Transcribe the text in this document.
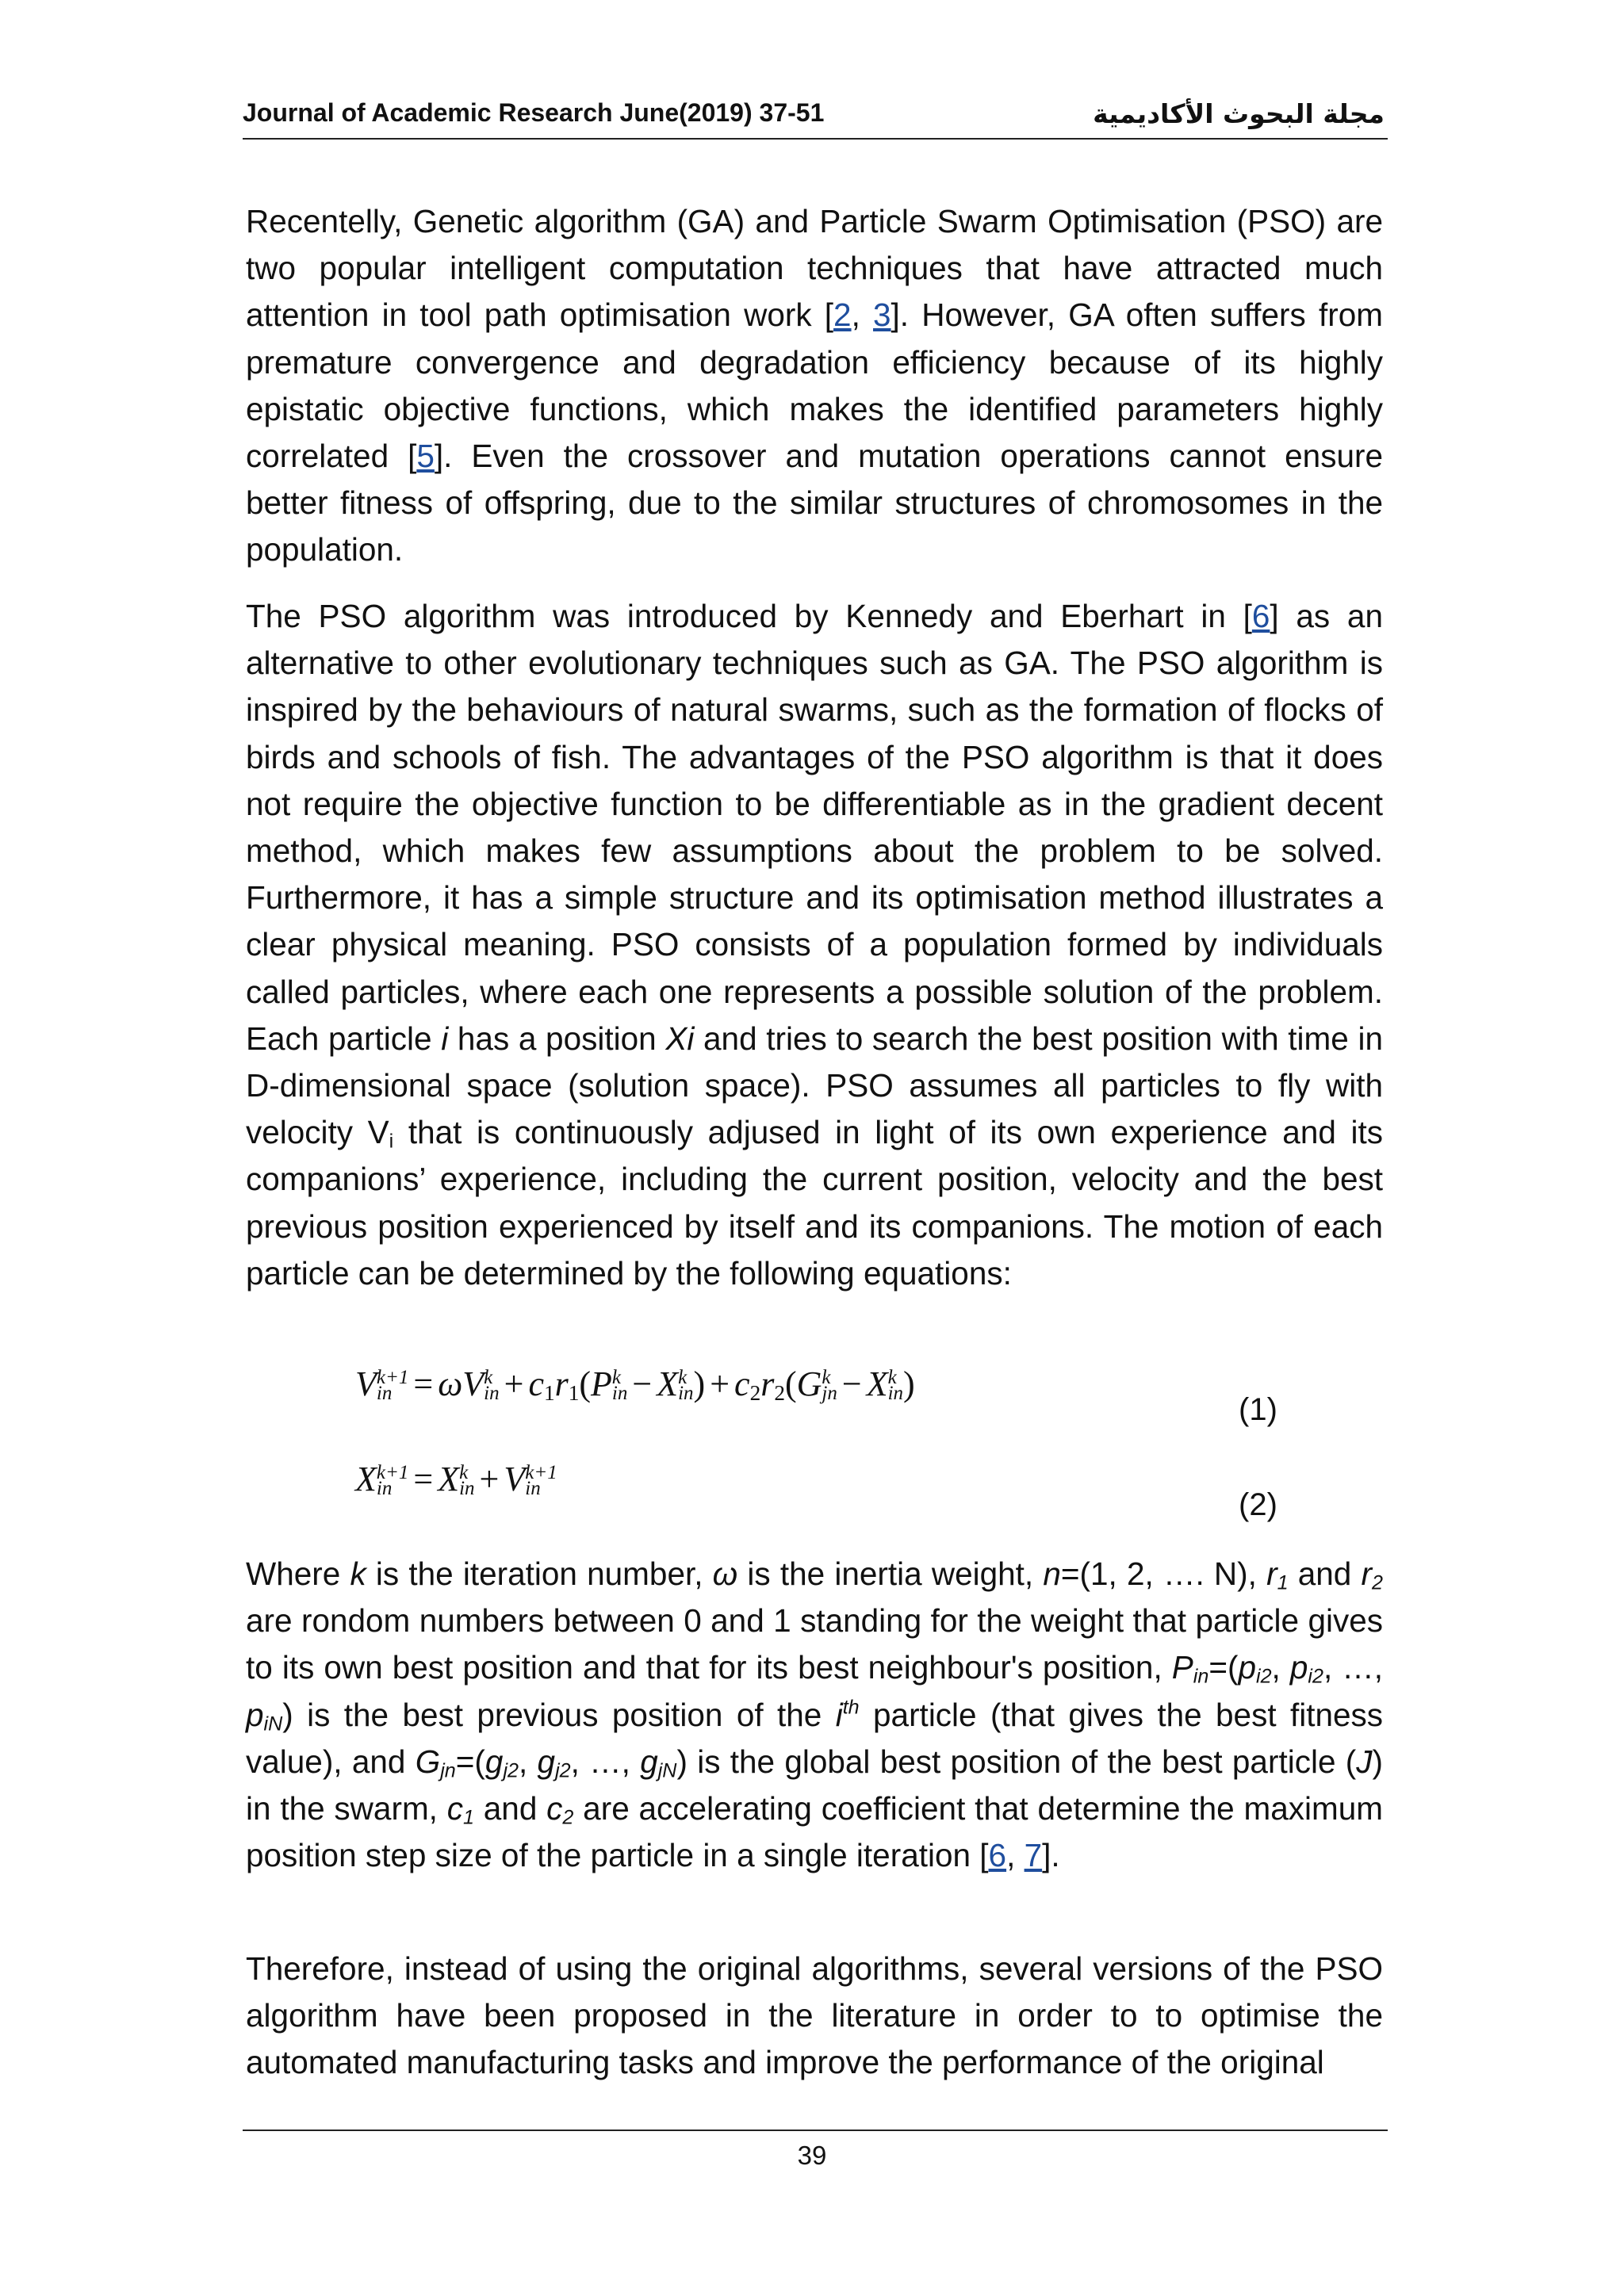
Journal of Academic Research June(2019) 37-51	مجلة البحوث الأكاديمية

Recentelly, Genetic algorithm (GA) and Particle Swarm Optimisation (PSO) are two popular intelligent computation techniques that have attracted much attention in tool path optimisation work [2, 3]. However, GA often suffers from premature convergence and degradation efficiency because of its highly epistatic objective functions, which makes the identified parameters highly correlated [5]. Even the crossover and mutation operations cannot ensure better fitness of offspring, due to the similar structures of chromosomes in the population.

The PSO algorithm was introduced by Kennedy and Eberhart in [6] as an alternative to other evolutionary techniques such as GA. The PSO algorithm is inspired by the behaviours of natural swarms, such as the formation of flocks of birds and schools of fish. The advantages of the PSO algorithm is that it does not require the objective function to be differentiable as in the gradient decent method, which makes few assumptions about the problem to be solved. Furthermore, it has a simple structure and its optimisation method illustrates a clear physical meaning. PSO consists of a population formed by individuals called particles, where each one represents a possible solution of the problem. Each particle i has a position Xi and tries to search the best position with time in D-dimensional space (solution space). PSO assumes all particles to fly with velocity $V_i$ that is continuously adjused in light of its own experience and its companions’ experience, including the current position, velocity and the best previous position experienced by itself and its companions. The motion of each particle can be determined by the following equations:

V k+1
in = ωV k
in + $c_1r_1(P$ k
in − X k
in ) + $c_2r_2(G$ k
jn − X k
in )
(1)
X k+1
in = X k
in + V k+1
in	(2)

Where k is the iteration number, ω is the inertia weight, n=(1, 2, …. N), $r_1$ and $r_2$ are rondom numbers between 0 and 1 standing for the weight that particle gives to its own best position and that for its best neighbour's position, $P_{in}=(p_{i2}$, $p_{i2}$, …, $p_{iN}$) is the best previous position of the $i^{th}$ particle (that gives the best fitness value), and $G_{jn}=(g_{j2}$, $g_{j2}$, …, $g_{jN}$) is the global best position of the best particle (J) in the swarm, $c_1$ and $c_2$ are accelerating coefficient that determine the maximum position step size of the particle in a single iteration [6, 7].

Therefore, instead of using the original algorithms, several versions of the PSO algorithm have been proposed in the literature in order to to optimise the automated manufacturing tasks and improve the performance of the original

39
